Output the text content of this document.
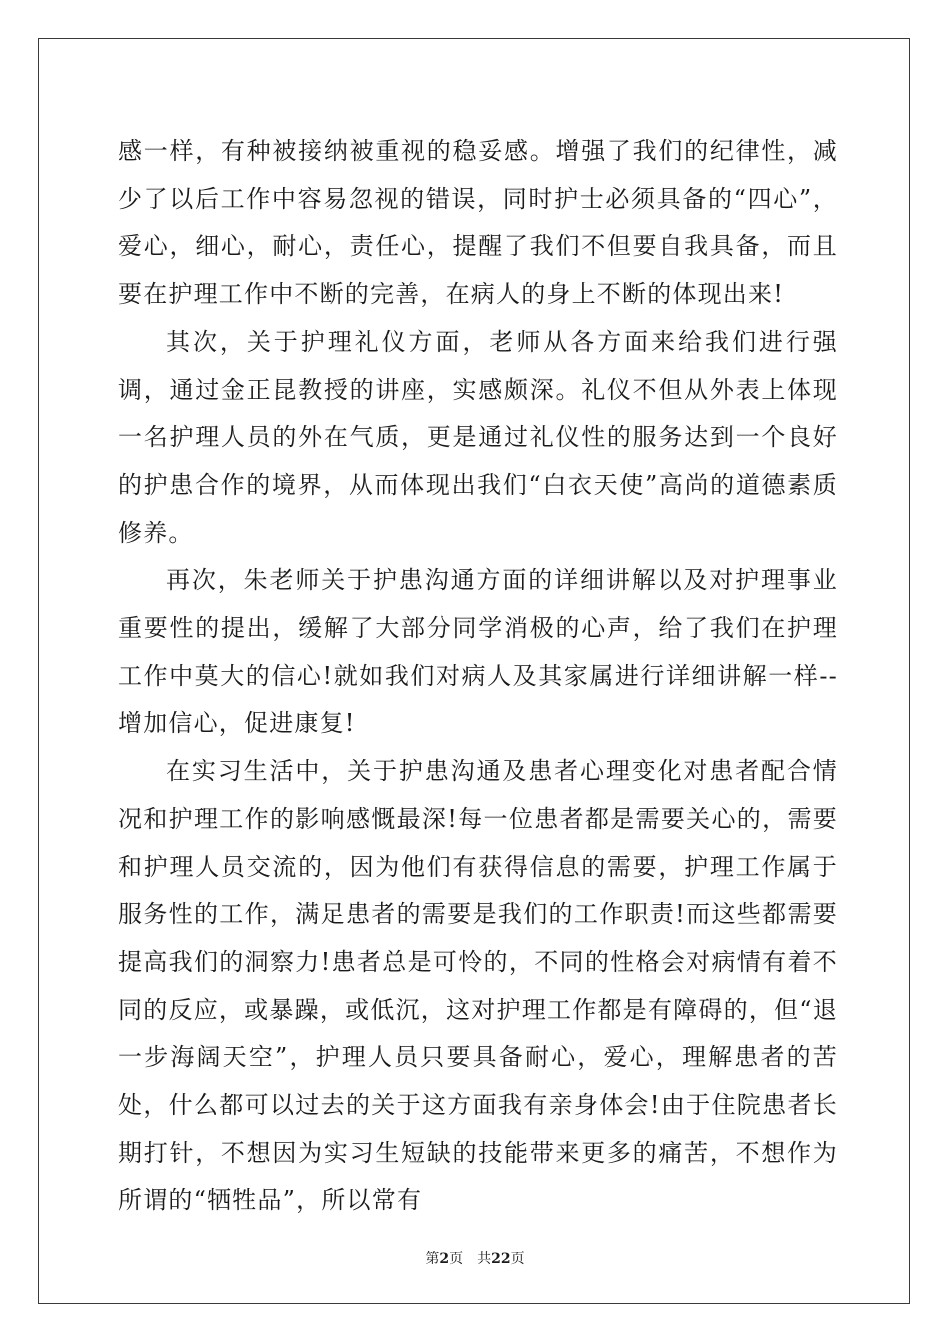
感一样，有种被接纳被重视的稳妥感。增强了我们的纪律性，减少了以后工作中容易忽视的错误，同时护士必须具备的“四心”，爱心，细心，耐心，责任心，提醒了我们不但要自我具备，而且要在护理工作中不断的完善，在病人的身上不断的体现出来!

其次，关于护理礼仪方面，老师从各方面来给我们进行强调，通过金正昆教授的讲座，实感颇深。礼仪不但从外表上体现一名护理人员的外在气质，更是通过礼仪性的服务达到一个良好的护患合作的境界，从而体现出我们“白衣天使”高尚的道德素质修养。

再次，朱老师关于护患沟通方面的详细讲解以及对护理事业重要性的提出，缓解了大部分同学消极的心声，给了我们在护理工作中莫大的信心!就如我们对病人及其家属进行详细讲解一样--增加信心，促进康复!

在实习生活中，关于护患沟通及患者心理变化对患者配合情况和护理工作的影响感慨最深!每一位患者都是需要关心的，需要和护理人员交流的，因为他们有获得信息的需要，护理工作属于服务性的工作，满足患者的需要是我们的工作职责!而这些都需要提高我们的洞察力!患者总是可怜的，不同的性格会对病情有着不同的反应，或暴躁，或低沉，这对护理工作都是有障碍的，但“退一步海阔天空”，护理人员只要具备耐心，爱心，理解患者的苦处，什么都可以过去的关于这方面我有亲身体会!由于住院患者长期打针，不想因为实习生短缺的技能带来更多的痛苦，不想作为所谓的“牺牲品”，所以常有

第2页 共22页
